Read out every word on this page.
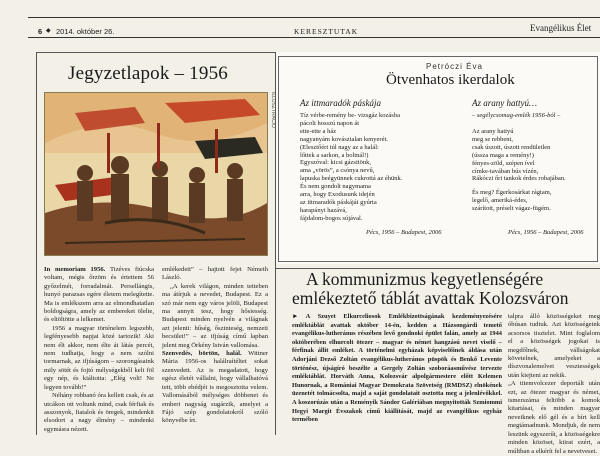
6 ◆ 2014. október 26.	KERESZTUTAK	Evangélikus Élet
Jegyzetlapok – 1956
ILLUSZTRÁCIÓ
In memoriam 1956. Tizéves fiúcska voltam, mégis őrzöm és értettem 56 győzelmét, forradalmát. Perselláng​is, hunyó parazsas egére életem meleg​ítette. Ma is emlékszem arra az elmondhatatlan boldogságra, amely az embereket ölelte, és eltöltötte a lelkemet.
1956 a magyar történelem legszebb, legfényesebb napjai közé tartozik! Aki nem élt akkor, nem élte át látás percét, nem tudhatja, hogy a nem szólni tormarnak, az ifjúságom – szorongásaink mily sötét és fojtó mélységekből kelt föl egy nép, és kiáltotta: „Elég volt! Ne legyen tovább!”
Néhány robbanó óra kellett csak, és az utcákon ott voltunk mind, csak férfiak és asszonyok, fiatalok és öregek, mindenkit elsodort a nagy élmény – mindenki egymásra nézett.
emlékedett” – hajtott fejet Németh László.
„A kerek világon, minden tetteben ma átírjuk a nevedet, Budapest. Ez a szó már nem egy város jelöli, Budapest ma annyit tesz, hogy hősiesség. Budapest minden nyelvén a világnak azt jelenti: hűség, őszinteség, nemzeti becsület!” – az ifjúság című lapban jelent meg Örkény István vallomása.
Szenvedés, börtön, halál. Wittner Mária 1956-os halálraítéltet sokat szenvedett. Az is megadatott, hogy egész életét vállalni, hogy vállalhatóvá tett, több ebédjét is megosztotta velem. Vallomásából mélységes döbbenet és emberi nagyság sugárzik, amelyet a Fájó szép gondolatokról szóló könyvébe írt.
Petróczi Éva
Ötvenhatos ikerdalok
Az ittmaradók páskája
Tíz vérbe-remény be- vizsgáz kozásba
pácolt hosszú napon át
ette-ette a ház
nagyanyám kovásztalan kenyerét.
(Elesztőért túl nagy az a halál:
lőttek a sarkon, a boltnál!)
Egyszóval: kicsi gázsitönk,
ama „vörös”, a csónya nevű,
lapuska beégyünnek cukrottá az éhünk.
És nem gondolt nagymama
arra, hogy Exodusunk idején
az ittmaradók páskáját gyúrta
harapányi hazává,
fájdalom-bogos sújával.
Pécs, 1956 – Budapest, 2006
Az arany hattyú…
– segélycsomag-emlék 1956-ból –
Az arany hattyú
meg se rebbent,
csak úszott, úszott rendületlen
(ússza maga a remény!)
fényes-zöld, szépen ível
címke-tavában bús víz​én,
Rákóczi őri tankok érdes robajában.
És meg? Égerkosárkat rágtam,
legelő, ameriká-édes,
szárított, préselt vágaz-fügém.
Pécs, 1956 – Budapest, 2006
A kommunizmus kegyetlenségére
emlékeztető táblát avattak Kolozsváron
► A Szuyet Elkurceliosok Emlékbizottságának kezdeményezésére emléktáblát avattak október 14-én, kedden a Házsongárdi temető evangélikus-lutheránus részében levő gondnoki épület falán, amely az 1944 októberében elhurcolt ötezer – magyar és német hangzású nevet viselő – férfinak állít emléket. A történelmi egyházak képviselőinek áldása után Adorjáni Dezső Zoltán evangélikus-lutheránus püspök és Benkő Levente történész, újságíró beszélte a Gergely Zoltán szoboráasművész tervezte emléktáblát. Horváth Anna, Kolozsvár alpolgármestere előtt Kelemen Hunornak, a Romániai Magyar Demokrata Szövetség (RMDSZ) elnökének üzenetét tolmácsolta, majd a saját gondolatait osztotta meg a jelenlévőkkel. A koszorúzás után a Reményik Sándor Galériában megnyitották Szmiommi Hegyi Margit Évszakok című kiállítását, majd az evangélikus egyház termében
talpra álló közösségeket meg​óbúsan tudtuk. Azt közösségeink acsorsos tisztelet. Mint foglalom el a közösségek jogokat is megdőlnek, vállságokat követelnek, amelyeket a díszvonalemelvet vesztességek után kiejteni az nekik.
„A titemvolcezer deportált után ezt, az ötezer magyar és német, ismerszáma feltöbb a komok kitartásai, és minden magyar neveiknek elő gél és a bírt kell megtámadnunk. Mondjuk, de nem leszünk egyszerűt, a közösségekre minden közöset, ki​irat ezért, a múltban a elkérít fel a ne​vetveset.
